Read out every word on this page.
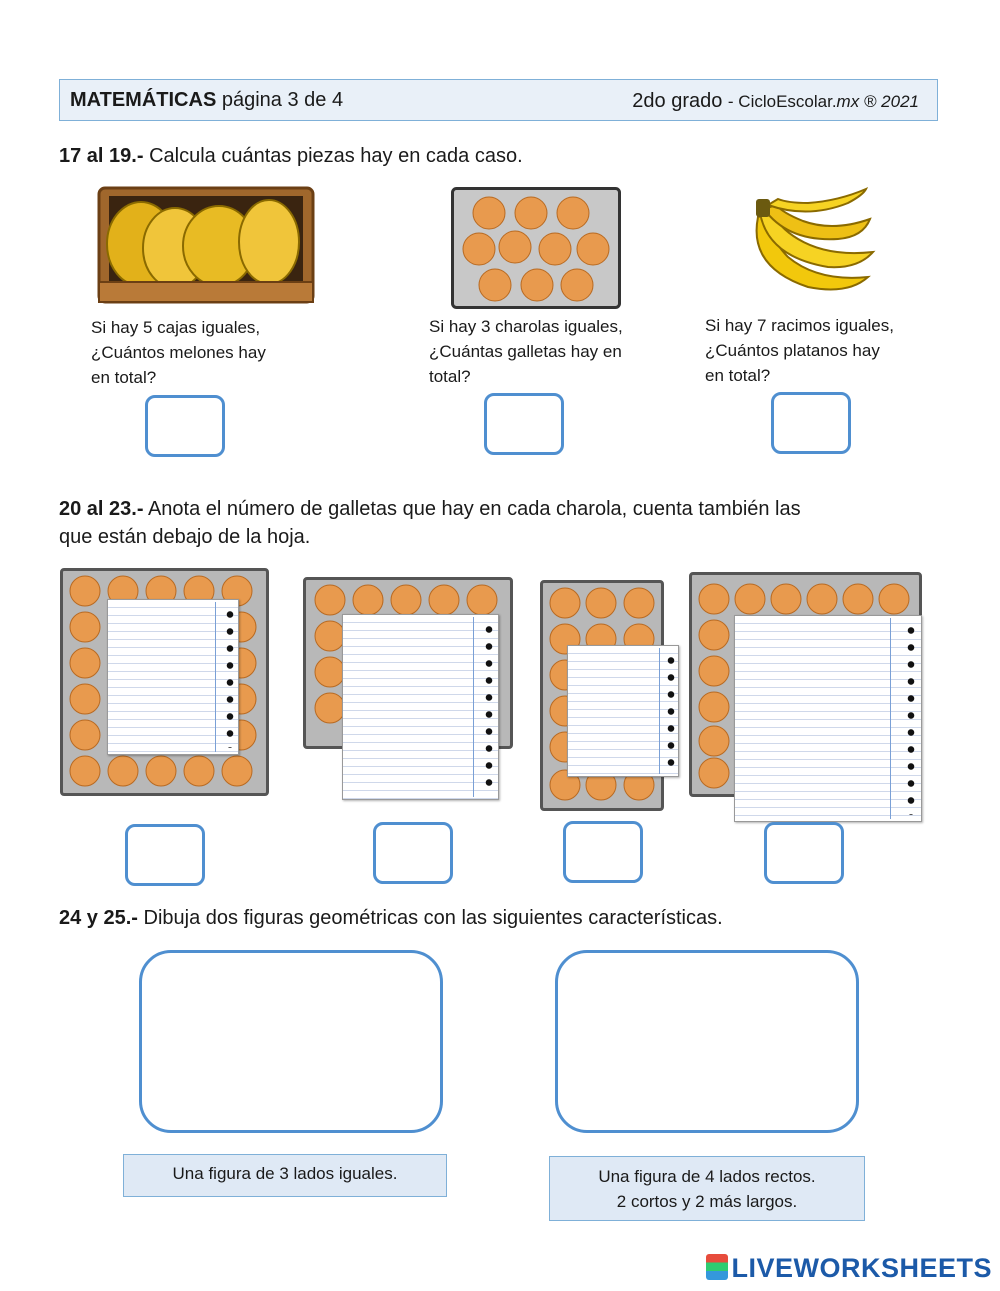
MATEMÁTICAS página 3 de 4	2do grado - CicloEscolar.mx ® 2021
17 al 19.- Calcula cuántas piezas hay en cada caso.
Si hay 5 cajas iguales,
¿Cuántos melones hay
en total?
Si hay 3 charolas iguales,
¿Cuántas galletas hay en
total?
Si hay 7 racimos iguales,
¿Cuántos platanos hay
en total?
20 al 23.- Anota el número de galletas que hay en cada charola, cuenta también las
que están debajo de la hoja.
24 y 25.- Dibuja dos figuras geométricas con las siguientes características.
Una figura de 3 lados iguales.	Una figura de 4 lados rectos.
2 cortos y 2 más largos.
LIVEWORKSHEETS
